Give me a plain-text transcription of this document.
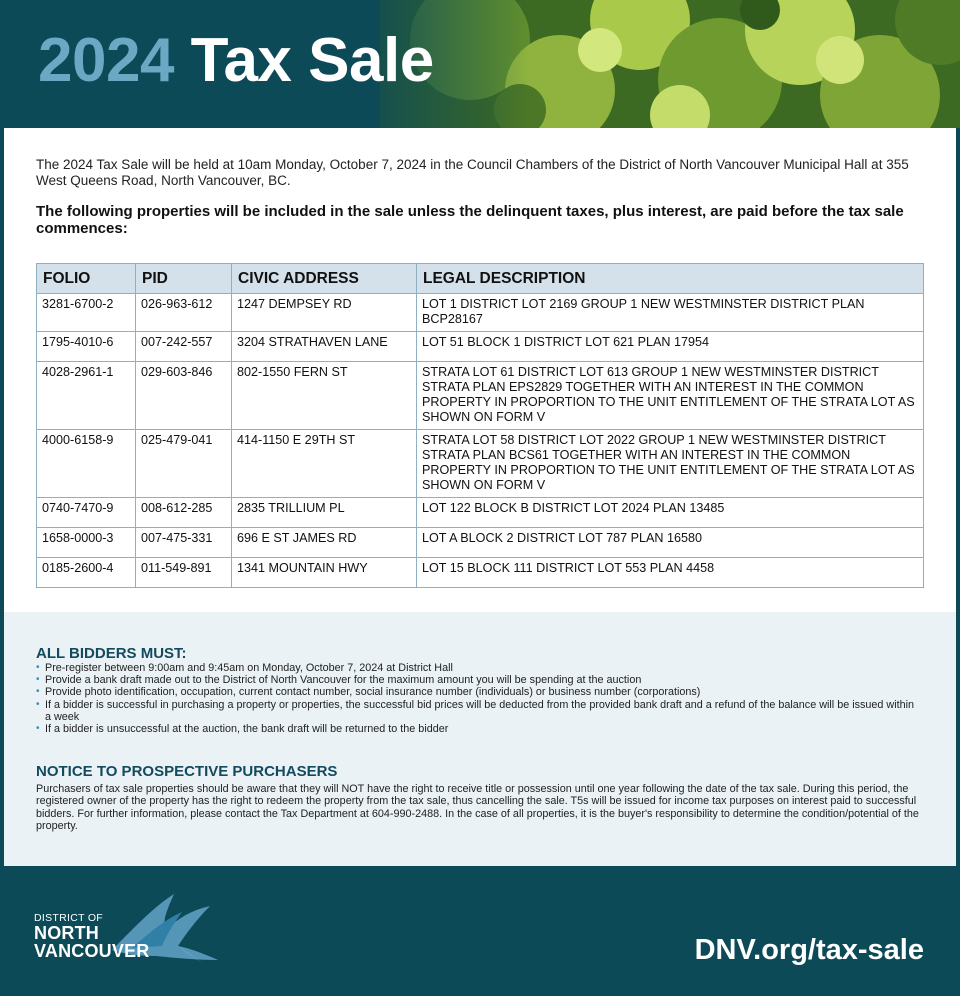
2024 Tax Sale

The 2024 Tax Sale will be held at 10am Monday, October 7, 2024 in the Council Chambers of the District of North Vancouver Municipal Hall at 355 West Queens Road, North Vancouver, BC.

The following properties will be included in the sale unless the delinquent taxes, plus interest, are paid before the tax sale commences:

FOLIO	PID	CIVIC ADDRESS	LEGAL DESCRIPTION
3281-6700-2	026-963-612	1247 DEMPSEY RD	LOT 1 DISTRICT LOT 2169 GROUP 1 NEW WESTMINSTER DISTRICT PLAN BCP28167
1795-4010-6	007-242-557	3204 STRATHAVEN LANE	LOT 51 BLOCK 1 DISTRICT LOT 621 PLAN 17954
4028-2961-1	029-603-846	802-1550 FERN ST	STRATA LOT 61 DISTRICT LOT 613 GROUP 1 NEW WESTMINSTER DISTRICT STRATA PLAN EPS2829 TOGETHER WITH AN INTEREST IN THE COMMON PROPERTY IN PROPORTION TO THE UNIT ENTITLEMENT OF THE STRATA LOT AS SHOWN ON FORM V
4000-6158-9	025-479-041	414-1150 E 29TH ST	STRATA LOT 58 DISTRICT LOT 2022 GROUP 1 NEW WESTMINSTER DISTRICT STRATA PLAN BCS61 TOGETHER WITH AN INTEREST IN THE COMMON PROPERTY IN PROPORTION TO THE UNIT ENTITLEMENT OF THE STRATA LOT AS SHOWN ON FORM V
0740-7470-9	008-612-285	2835 TRILLIUM PL	LOT 122 BLOCK B DISTRICT LOT 2024 PLAN 13485
1658-0000-3	007-475-331	696 E ST JAMES RD	LOT A BLOCK 2 DISTRICT LOT 787 PLAN 16580
0185-2600-4	011-549-891	1341 MOUNTAIN HWY	LOT 15 BLOCK 111 DISTRICT LOT 553 PLAN 4458
ALL BIDDERS MUST:
• Pre-register between 9:00am and 9:45am on Monday, October 7, 2024 at District Hall
• Provide a bank draft made out to the District of North Vancouver for the maximum amount you will be spending at the auction
• Provide photo identification, occupation, current contact number, social insurance number (individuals) or business number (corporations)
• If a bidder is successful in purchasing a property or properties, the successful bid prices will be deducted from the provided bank draft and a refund of the balance will be issued within a week
• If a bidder is unsuccessful at the auction, the bank draft will be returned to the bidder
NOTICE TO PROSPECTIVE PURCHASERS

Purchasers of tax sale properties should be aware that they will NOT have the right to receive title or possession until one year following the date of the tax sale. During this period, the registered owner of the property has the right to redeem the property from the tax sale, thus cancelling the sale. T5s will be issued for income tax purposes on interest paid to successful bidders. For further information, please contact the Tax Department at 604-990-2488. In the case of all properties, it is the buyer's responsibility to determine the condition/potential of the property.

DISTRICT OF
NORTH
VANCOUVER	DNV.org/tax-sale
